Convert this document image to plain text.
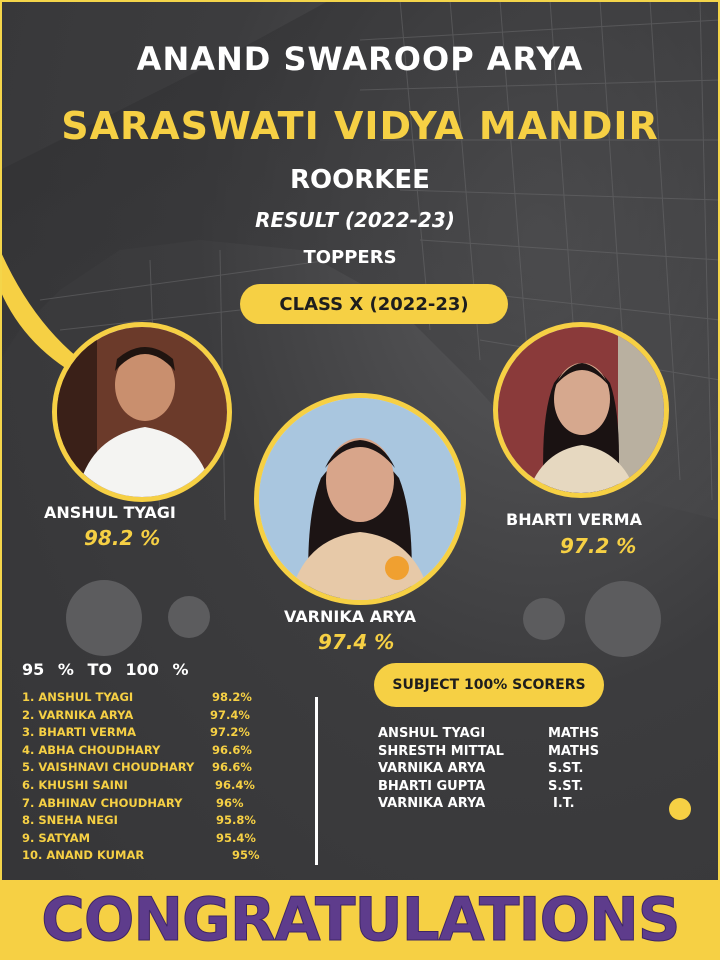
ANAND SWAROOP ARYA

SARASWATI VIDYA MANDIR

ROORKEE

RESULT (2022-23)

TOPPERS

CLASS X (2022-23)
ANSHUL TYAGI
98.2 %
VARNIKA ARYA
97.4 %
BHARTI VERMA
97.2 %
95 % TO 100 %
1. ANSHUL TYAGI	98.2%
2. VARNIKA ARYA	97.4%
3. BHARTI VERMA	97.2%
4. ABHA CHOUDHARY	96.6%
5. VAISHNAVI CHOUDHARY 96.6%
6. KHUSHI SAINI	96.4%
7. ABHINAV CHOUDHARY	96%
8. SNEHA NEGI	95.8%
9. SATYAM	95.4%
10. ANAND KUMAR	95%
SUBJECT 100% SCORERS
ANSHUL TYAGI	MATHS
SHRESTH MITTAL	MATHS
VARNIKA ARYA	S.ST.
BHARTI GUPTA	S.ST.
VARNIKA ARYA	I.T.
CONGRATULATIONS
